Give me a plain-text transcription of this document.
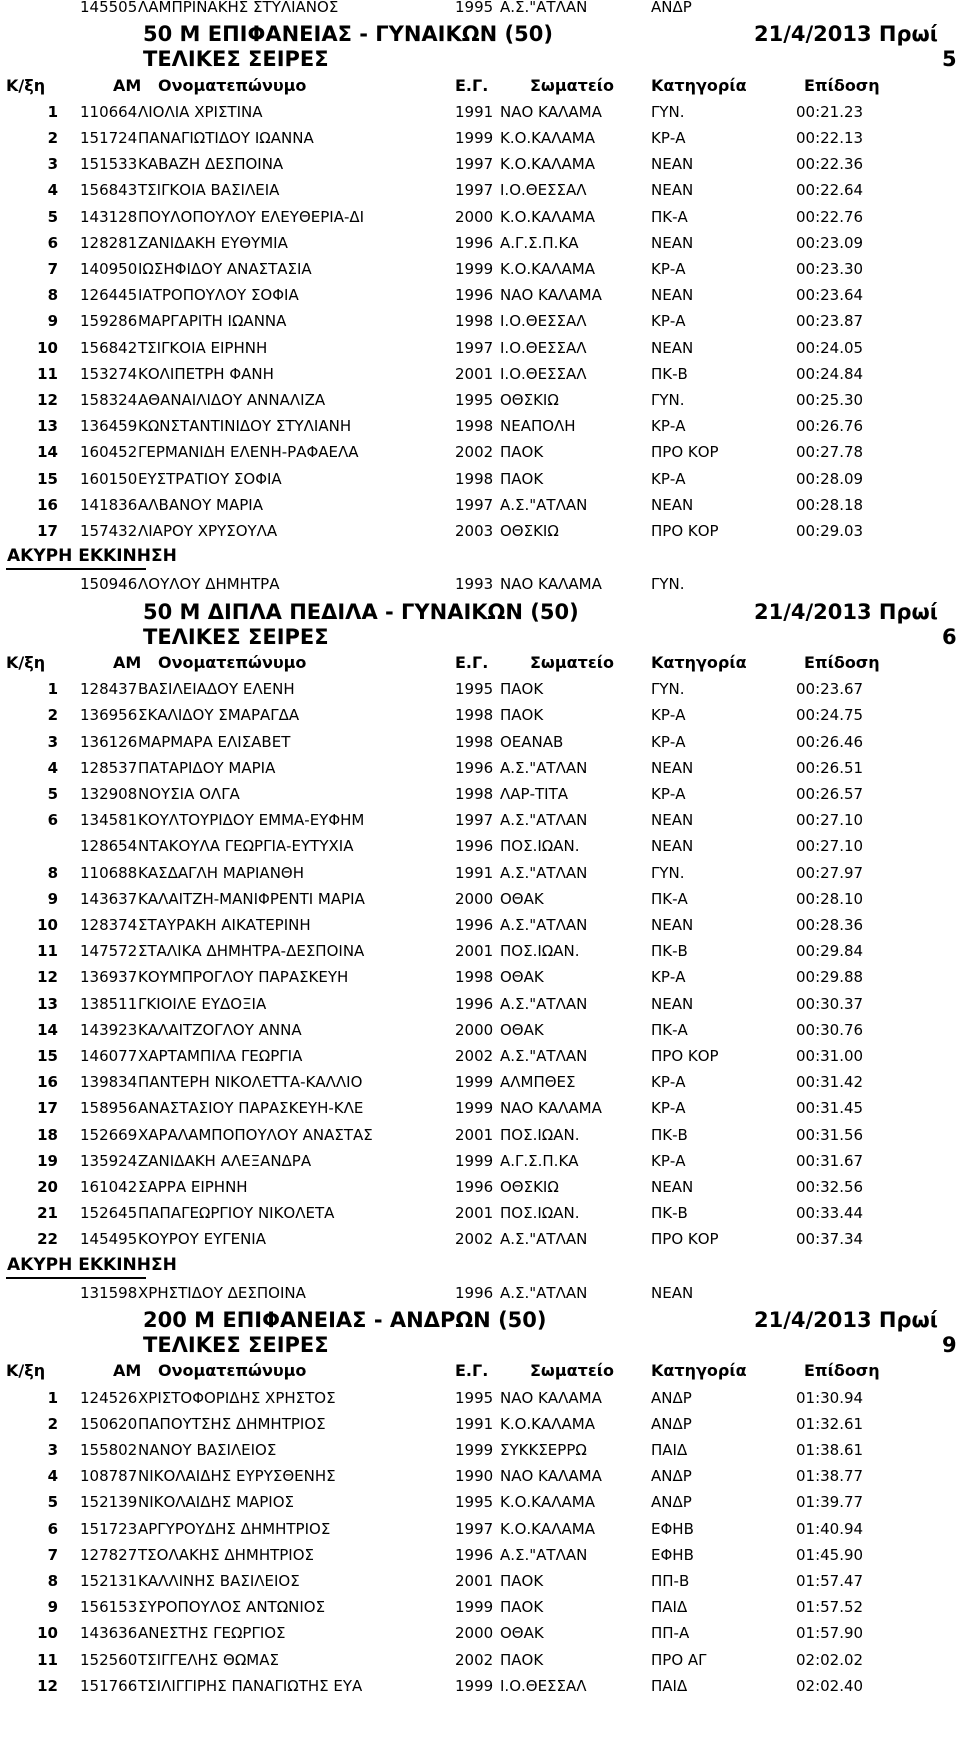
145505 ΛΑΜΠΡΙΝΑΚΗΣ ΣΤΥΛΙΑΝΟΣ	1995 Α.Σ."ΑΤΛΑΝ	ΑΝΔΡ
50 Μ ΕΠΙΦΑΝΕΙΑΣ - ΓΥΝΑΙΚΩΝ (50)	21/4/2013 Πρωί
ΤΕΛΙΚΕΣ ΣΕΙΡΕΣ	5
Κ/ξη	ΑΜ Ονοματεπώνυμο	Ε.Γ.	Σωματείο Κατηγορία	Επίδοση
1 110664 ΛΙΟΛΙΑ ΧΡΙΣΤΙΝΑ	1991 ΝΑΟ ΚΑΛΑΜΑ	ΓΥΝ.	00:21.23
2 151724 ΠΑΝΑΓΙΩΤΙΔΟΥ ΙΩΑΝΝΑ	1999 Κ.Ο.ΚΑΛΑΜΑ	ΚΡ-Α	00:22.13
3 151533 ΚΑΒΑΖΗ ΔΕΣΠΟΙΝΑ	1997 Κ.Ο.ΚΑΛΑΜΑ	ΝΕΑΝ	00:22.36
4 156843 ΤΣΙΓΚΟΙΑ ΒΑΣΙΛΕΙΑ	1997 Ι.Ο.ΘΕΣΣΑΛ	ΝΕΑΝ	00:22.64
5 143128 ΠΟΥΛΟΠΟΥΛΟΥ ΕΛΕΥΘΕΡΙΑ-ΔΙ	2000 Κ.Ο.ΚΑΛΑΜΑ	ΠΚ-Α	00:22.76
6 128281 ΖΑΝΙΔΑΚΗ ΕΥΘΥΜΙΑ	1996 Α.Γ.Σ.Π.ΚΑ	ΝΕΑΝ	00:23.09
7 140950 ΙΩΣΗΦΙΔΟΥ ΑΝΑΣΤΑΣΙΑ	1999 Κ.Ο.ΚΑΛΑΜΑ	ΚΡ-Α	00:23.30
8 126445 ΙΑΤΡΟΠΟΥΛΟΥ ΣΟΦΙΑ	1996 ΝΑΟ ΚΑΛΑΜΑ	ΝΕΑΝ	00:23.64
9 159286 ΜΑΡΓΑΡΙΤΗ ΙΩΑΝΝΑ	1998 Ι.Ο.ΘΕΣΣΑΛ	ΚΡ-Α	00:23.87
10 156842 ΤΣΙΓΚΟΙΑ ΕΙΡΗΝΗ	1997 Ι.Ο.ΘΕΣΣΑΛ	ΝΕΑΝ	00:24.05
11 153274 ΚΟΛΙΠΕΤΡΗ ΦΑΝΗ	2001 Ι.Ο.ΘΕΣΣΑΛ	ΠΚ-Β	00:24.84
12 158324 ΑΘΑΝΑΙΛΙΔΟΥ ΑΝΝΑΛΙΖΑ	1995 ΟΘΣΚΙΩ	ΓΥΝ.	00:25.30
13 136459 ΚΩΝΣΤΑΝΤΙΝΙΔΟΥ ΣΤΥΛΙΑΝΗ	1998 ΝΕΑΠΟΛΗ	ΚΡ-Α	00:26.76
14 160452 ΓΕΡΜΑΝΙΔΗ ΕΛΕΝΗ-ΡΑΦΑΕΛΑ	2002 ΠΑΟΚ	ΠΡΟ ΚΟΡ	00:27.78
15 160150 ΕΥΣΤΡΑΤΙΟΥ ΣΟΦΙΑ	1998 ΠΑΟΚ	ΚΡ-Α	00:28.09
16 141836 ΑΛΒΑΝΟΥ ΜΑΡΙΑ	1997 Α.Σ."ΑΤΛΑΝ	ΝΕΑΝ	00:28.18
17 157432 ΛΙΑΡΟΥ ΧΡΥΣΟΥΛΑ	2003 ΟΘΣΚΙΩ	ΠΡΟ ΚΟΡ	00:29.03
ΑΚΥΡΗ ΕΚΚΙΝΗΣΗ
150946 ΛΟΥΛΟΥ ΔΗΜΗΤΡΑ	1993 ΝΑΟ ΚΑΛΑΜΑ	ΓΥΝ.
50 Μ ΔΙΠΛΑ ΠΕΔΙΛΑ - ΓΥΝΑΙΚΩΝ (50)	21/4/2013 Πρωί
ΤΕΛΙΚΕΣ ΣΕΙΡΕΣ	6
Κ/ξη	ΑΜ Ονοματεπώνυμο	Ε.Γ.	Σωματείο Κατηγορία	Επίδοση
1 128437 ΒΑΣΙΛΕΙΑΔΟΥ ΕΛΕΝΗ	1995 ΠΑΟΚ	ΓΥΝ.	00:23.67
2 136956 ΣΚΑΛΙΔΟΥ ΣΜΑΡΑΓΔΑ	1998 ΠΑΟΚ	ΚΡ-Α	00:24.75
3 136126 ΜΑΡΜΑΡΑ ΕΛΙΣΑΒΕΤ	1998 ΟΕΑΝΑΒ	ΚΡ-Α	00:26.46
4 128537 ΠΑΤΑΡΙΔΟΥ ΜΑΡΙΑ	1996 Α.Σ."ΑΤΛΑΝ	ΝΕΑΝ	00:26.51
5 132908 ΝΟΥΣΙΑ ΟΛΓΑ	1998 ΛΑΡ-ΤΙΤΑ	ΚΡ-Α	00:26.57
6 134581 ΚΟΥΛΤΟΥΡΙΔΟΥ ΕΜΜΑ-ΕΥΦΗΜ	1997 Α.Σ."ΑΤΛΑΝ	ΝΕΑΝ	00:27.10
128654 ΝΤΑΚΟΥΛΑ ΓΕΩΡΓΙΑ-ΕΥΤΥΧΙΑ	1996 ΠΟΣ.ΙΩΑΝ.	ΝΕΑΝ	00:27.10
8 110688 ΚΑΣΔΑΓΛΗ ΜΑΡΙΑΝΘΗ	1991 Α.Σ."ΑΤΛΑΝ	ΓΥΝ.	00:27.97
9 143637 ΚΑΛΑΙΤΖΗ-ΜΑΝΙΦΡΕΝΤΙ ΜΑΡΙΑ	2000 ΟΘΑΚ	ΠΚ-Α	00:28.10
10 128374 ΣΤΑΥΡΑΚΗ ΑΙΚΑΤΕΡΙΝΗ	1996 Α.Σ."ΑΤΛΑΝ	ΝΕΑΝ	00:28.36
11 147572 ΣΤΑΛΙΚΑ ΔΗΜΗΤΡΑ-ΔΕΣΠΟΙΝΑ	2001 ΠΟΣ.ΙΩΑΝ.	ΠΚ-Β	00:29.84
12 136937 ΚΟΥΜΠΡΟΓΛΟΥ ΠΑΡΑΣΚΕΥΗ	1998 ΟΘΑΚ	ΚΡ-Α	00:29.88
13 138511 ΓΚΙΟΙΛΕ ΕΥΔΟΞΙΑ	1996 Α.Σ."ΑΤΛΑΝ	ΝΕΑΝ	00:30.37
14 143923 ΚΑΛΑΙΤΖΟΓΛΟΥ ΑΝΝΑ	2000 ΟΘΑΚ	ΠΚ-Α	00:30.76
15 146077 ΧΑΡΤΑΜΠΙΛΑ ΓΕΩΡΓΙΑ	2002 Α.Σ."ΑΤΛΑΝ	ΠΡΟ ΚΟΡ	00:31.00
16 139834 ΠΑΝΤΕΡΗ ΝΙΚΟΛΕΤΤΑ-ΚΑΛΛΙΟ	1999 ΑΛΜΠΘΕΣ	ΚΡ-Α	00:31.42
17 158956 ΑΝΑΣΤΑΣΙΟΥ ΠΑΡΑΣΚΕΥΗ-ΚΛΕ	1999 ΝΑΟ ΚΑΛΑΜΑ	ΚΡ-Α	00:31.45
18 152669 ΧΑΡΑΛΑΜΠΟΠΟΥΛΟΥ ΑΝΑΣΤΑΣ	2001 ΠΟΣ.ΙΩΑΝ.	ΠΚ-Β	00:31.56
19 135924 ΖΑΝΙΔΑΚΗ ΑΛΕΞΑΝΔΡΑ	1999 Α.Γ.Σ.Π.ΚΑ	ΚΡ-Α	00:31.67
20 161042 ΣΑΡΡΑ ΕΙΡΗΝΗ	1996 ΟΘΣΚΙΩ	ΝΕΑΝ	00:32.56
21 152645 ΠΑΠΑΓΕΩΡΓΙΟΥ ΝΙΚΟΛΕΤΑ	2001 ΠΟΣ.ΙΩΑΝ.	ΠΚ-Β	00:33.44
22 145495 ΚΟΥΡΟΥ ΕΥΓΕΝΙΑ	2002 Α.Σ."ΑΤΛΑΝ	ΠΡΟ ΚΟΡ	00:37.34
ΑΚΥΡΗ ΕΚΚΙΝΗΣΗ
131598 ΧΡΗΣΤΙΔΟΥ ΔΕΣΠΟΙΝΑ	1996 Α.Σ."ΑΤΛΑΝ	ΝΕΑΝ
200 Μ ΕΠΙΦΑΝΕΙΑΣ - ΑΝΔΡΩΝ (50)	21/4/2013 Πρωί
ΤΕΛΙΚΕΣ ΣΕΙΡΕΣ	9
Κ/ξη	ΑΜ Ονοματεπώνυμο	Ε.Γ.	Σωματείο Κατηγορία	Επίδοση
1 124526 ΧΡΙΣΤΟΦΟΡΙΔΗΣ ΧΡΗΣΤΟΣ	1995 ΝΑΟ ΚΑΛΑΜΑ	ΑΝΔΡ	01:30.94
2 150620 ΠΑΠΟΥΤΣΗΣ ΔΗΜΗΤΡΙΟΣ	1991 Κ.Ο.ΚΑΛΑΜΑ	ΑΝΔΡ	01:32.61
3 155802 ΝΑΝΟΥ ΒΑΣΙΛΕΙΟΣ	1999 ΣΥΚΚΣΕΡΡΩ	ΠΑΙΔ	01:38.61
4 108787 ΝΙΚΟΛΑΙΔΗΣ ΕΥΡΥΣΘΕΝΗΣ	1990 ΝΑΟ ΚΑΛΑΜΑ	ΑΝΔΡ	01:38.77
5 152139 ΝΙΚΟΛΑΙΔΗΣ ΜΑΡΙΟΣ	1995 Κ.Ο.ΚΑΛΑΜΑ	ΑΝΔΡ	01:39.77
6 151723 ΑΡΓΥΡΟΥΔΗΣ ΔΗΜΗΤΡΙΟΣ	1997 Κ.Ο.ΚΑΛΑΜΑ	ΕΦΗΒ	01:40.94
7 127827 ΤΣΟΛΑΚΗΣ ΔΗΜΗΤΡΙΟΣ	1996 Α.Σ."ΑΤΛΑΝ	ΕΦΗΒ	01:45.90
8 152131 ΚΑΛΛΙΝΗΣ ΒΑΣΙΛΕΙΟΣ	2001 ΠΑΟΚ	ΠΠ-Β	01:57.47
9 156153 ΣΥΡΟΠΟΥΛΟΣ ΑΝΤΩΝΙΟΣ	1999 ΠΑΟΚ	ΠΑΙΔ	01:57.52
10 143636 ΑΝΕΣΤΗΣ ΓΕΩΡΓΙΟΣ	2000 ΟΘΑΚ	ΠΠ-Α	01:57.90
11 152560 ΤΣΙΓΓΕΛΗΣ ΘΩΜΑΣ	2002 ΠΑΟΚ	ΠΡΟ ΑΓ	02:02.02
12 151766 ΤΣΙΛΙΓΓΙΡΗΣ ΠΑΝΑΓΙΩΤΗΣ ΕΥΑ	1999 Ι.Ο.ΘΕΣΣΑΛ	ΠΑΙΔ	02:02.40
